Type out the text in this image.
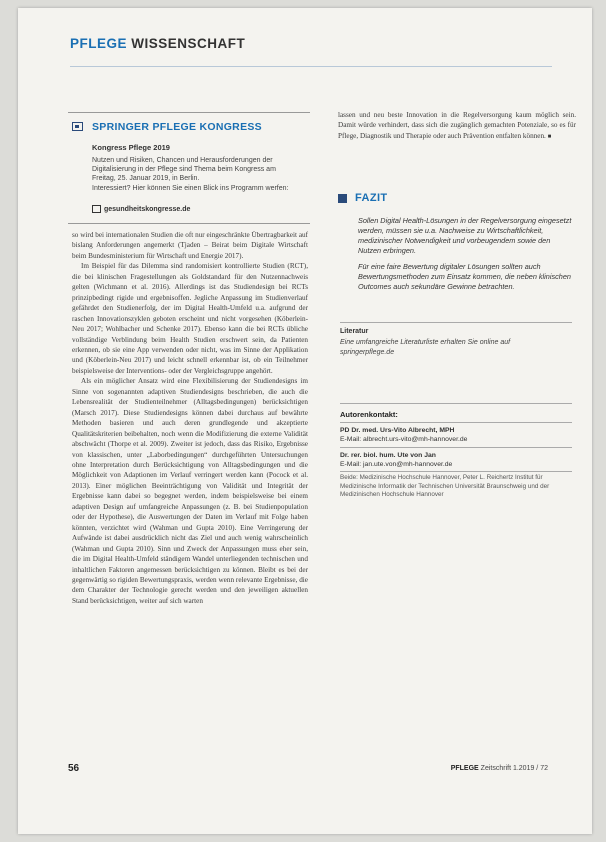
PFLEGE WISSENSCHAFT
SPRINGER PFLEGE KONGRESS
Kongress Pflege 2019
Nutzen und Risiken, Chancen und Herausforderungen der
Digitalisierung in der Pflege sind Thema beim Kongress am
Freitag, 25. Januar 2019, in Berlin.
Interessiert? Hier können Sie einen Blick ins Programm werfen:
gesundheitskongresse.de

so wird bei internationalen Studien die oft nur eingeschränkte Übertragbarkeit auf bislang Anforderungen angemerkt (Tjaden – Beirat beim Digitale Wirtschaft beim Bundesministerium für Wirtschaft und Energie 2017).

Im Beispiel für das Dilemma sind randomisiert kontrollierte Studien (RCT), die bei klinischen Fragestellungen als Goldstandard für den Nutzennachweis gelten (Wichmann et al. 2016). Allerdings ist das Studiendesign bei RCTs prinzipbedingt rigide und ergebnisoffen. Jegliche Anpassung im Studienverlauf gefährdet den Studienerfolg, der im Digital Health-Umfeld u.a. aufgrund der raschen Innovationszyklen geboten erscheint und nicht vorgesehen (Köberlein-Neu 2017; Wohlbacher und Schenke 2017). Ebenso kann die bei RCTs übliche vollständige Verblindung beim Health Studien erschwert sein, da Patienten erkennen, ob sie eine App verwenden oder nicht, was im Sinne der Applikation und (Köberlein-Neu 2017) und leicht schnell erkennbar ist, ob ein Teilnehmer beispielsweise der Interventions- oder der Vergleichsgruppe angehört.

Als ein möglicher Ansatz wird eine Flexibilisierung der Studiendesigns im Sinne von sogenannten adaptiven Studiendesigns beschrieben, die auch die Lebensrealität der Studienteilnehmer (Alltagsbedingungen) berücksichtigen (Marsch 2017). Diese Studiendesigns können dabei durchaus auf bewährte Methoden basieren und auch deren grundlegende und akzeptierte Qualitätskriterien beibehalten, noch wenn die Modifizierung die externe Validität abschwächt (Thorpe et al. 2009). Zweiter ist jedoch, dass das Risiko, Ergebnisse von klassischen, unter „Laborbedingungen“ durchgeführten Untersuchungen ohne Interpretation durch Berücksichtigung von Alltagsbedingungen und die Möglichkeit von Adaptionen im Verlauf verringert werden kann (Pocock et al. 2013). Einer möglichen Beeinträchtigung von Validität und Integrität der Ergebnisse kann dabei so begegnet werden, indem beispielsweise bei einem adaptiven Design auf umfangreiche Anpassungen (z. B. bei Studienpopulation oder der Hypothese), die Auswertungen der Daten im Verlauf mit Folge haben könnten, verzichtet wird (Wahman und Gupta 2010). Eine Verringerung der Aufwände ist dabei ausdrücklich nicht das Ziel und auch wenig wahrscheinlich (Wahman und Gupta 2010). Sinn und Zweck der Anpassungen muss eher sein, die im Digital Health-Umfeld ständigem Wandel unterliegenden technischen und inhaltlichen Faktoren angemessen berücksichtigen zu können. Bleibt es bei der gegenwärtig so rigiden Bewertungspraxis, werden wenn relevante Ergebnisse, die dem Charakter der Technologie gerecht werden und den jeweiligen aktuellen Stand berücksichtigen, weiter auf sich warten

lassen und neu beste Innovation in die Regelversorgung kaum möglich sein. Damit würde verhindert, dass sich die zugänglich gemachten Potenziale, so es für Pflege, Diagnostik und Therapie oder auch Prävention entfalten können. ■
FAZIT

Sollen Digital Health-Lösungen in der Regelversorgung eingesetzt werden, müssen sie u.a. Nachweise zu Wirtschaftlichkeit, medizinischer Notwendigkeit und vorbeugendem sowie den Nutzen erbringen.

Für eine faire Bewertung digitaler Lösungen sollten auch Bewertungsmethoden zum Einsatz kommen, die neben klinischen Outcomes auch sekundäre Gewinne betrachten.

Literatur
Eine umfangreiche Literaturliste erhalten Sie online auf springerpflege.de
Autorenkontakt:
PD Dr. med. Urs-Vito Albrecht, MPH
E-Mail: albrecht.urs-vito@mh-hannover.de
Dr. rer. biol. hum. Ute von Jan
E-Mail: jan.ute.von@mh-hannover.de
Beide: Medizinische Hochschule Hannover, Peter L. Reichertz Institut für Medizinische Informatik der Technischen Universität Braunschweig und der Medizinischen Hochschule Hannover
56	PFLEGE Zeitschrift 1.2019 / 72
